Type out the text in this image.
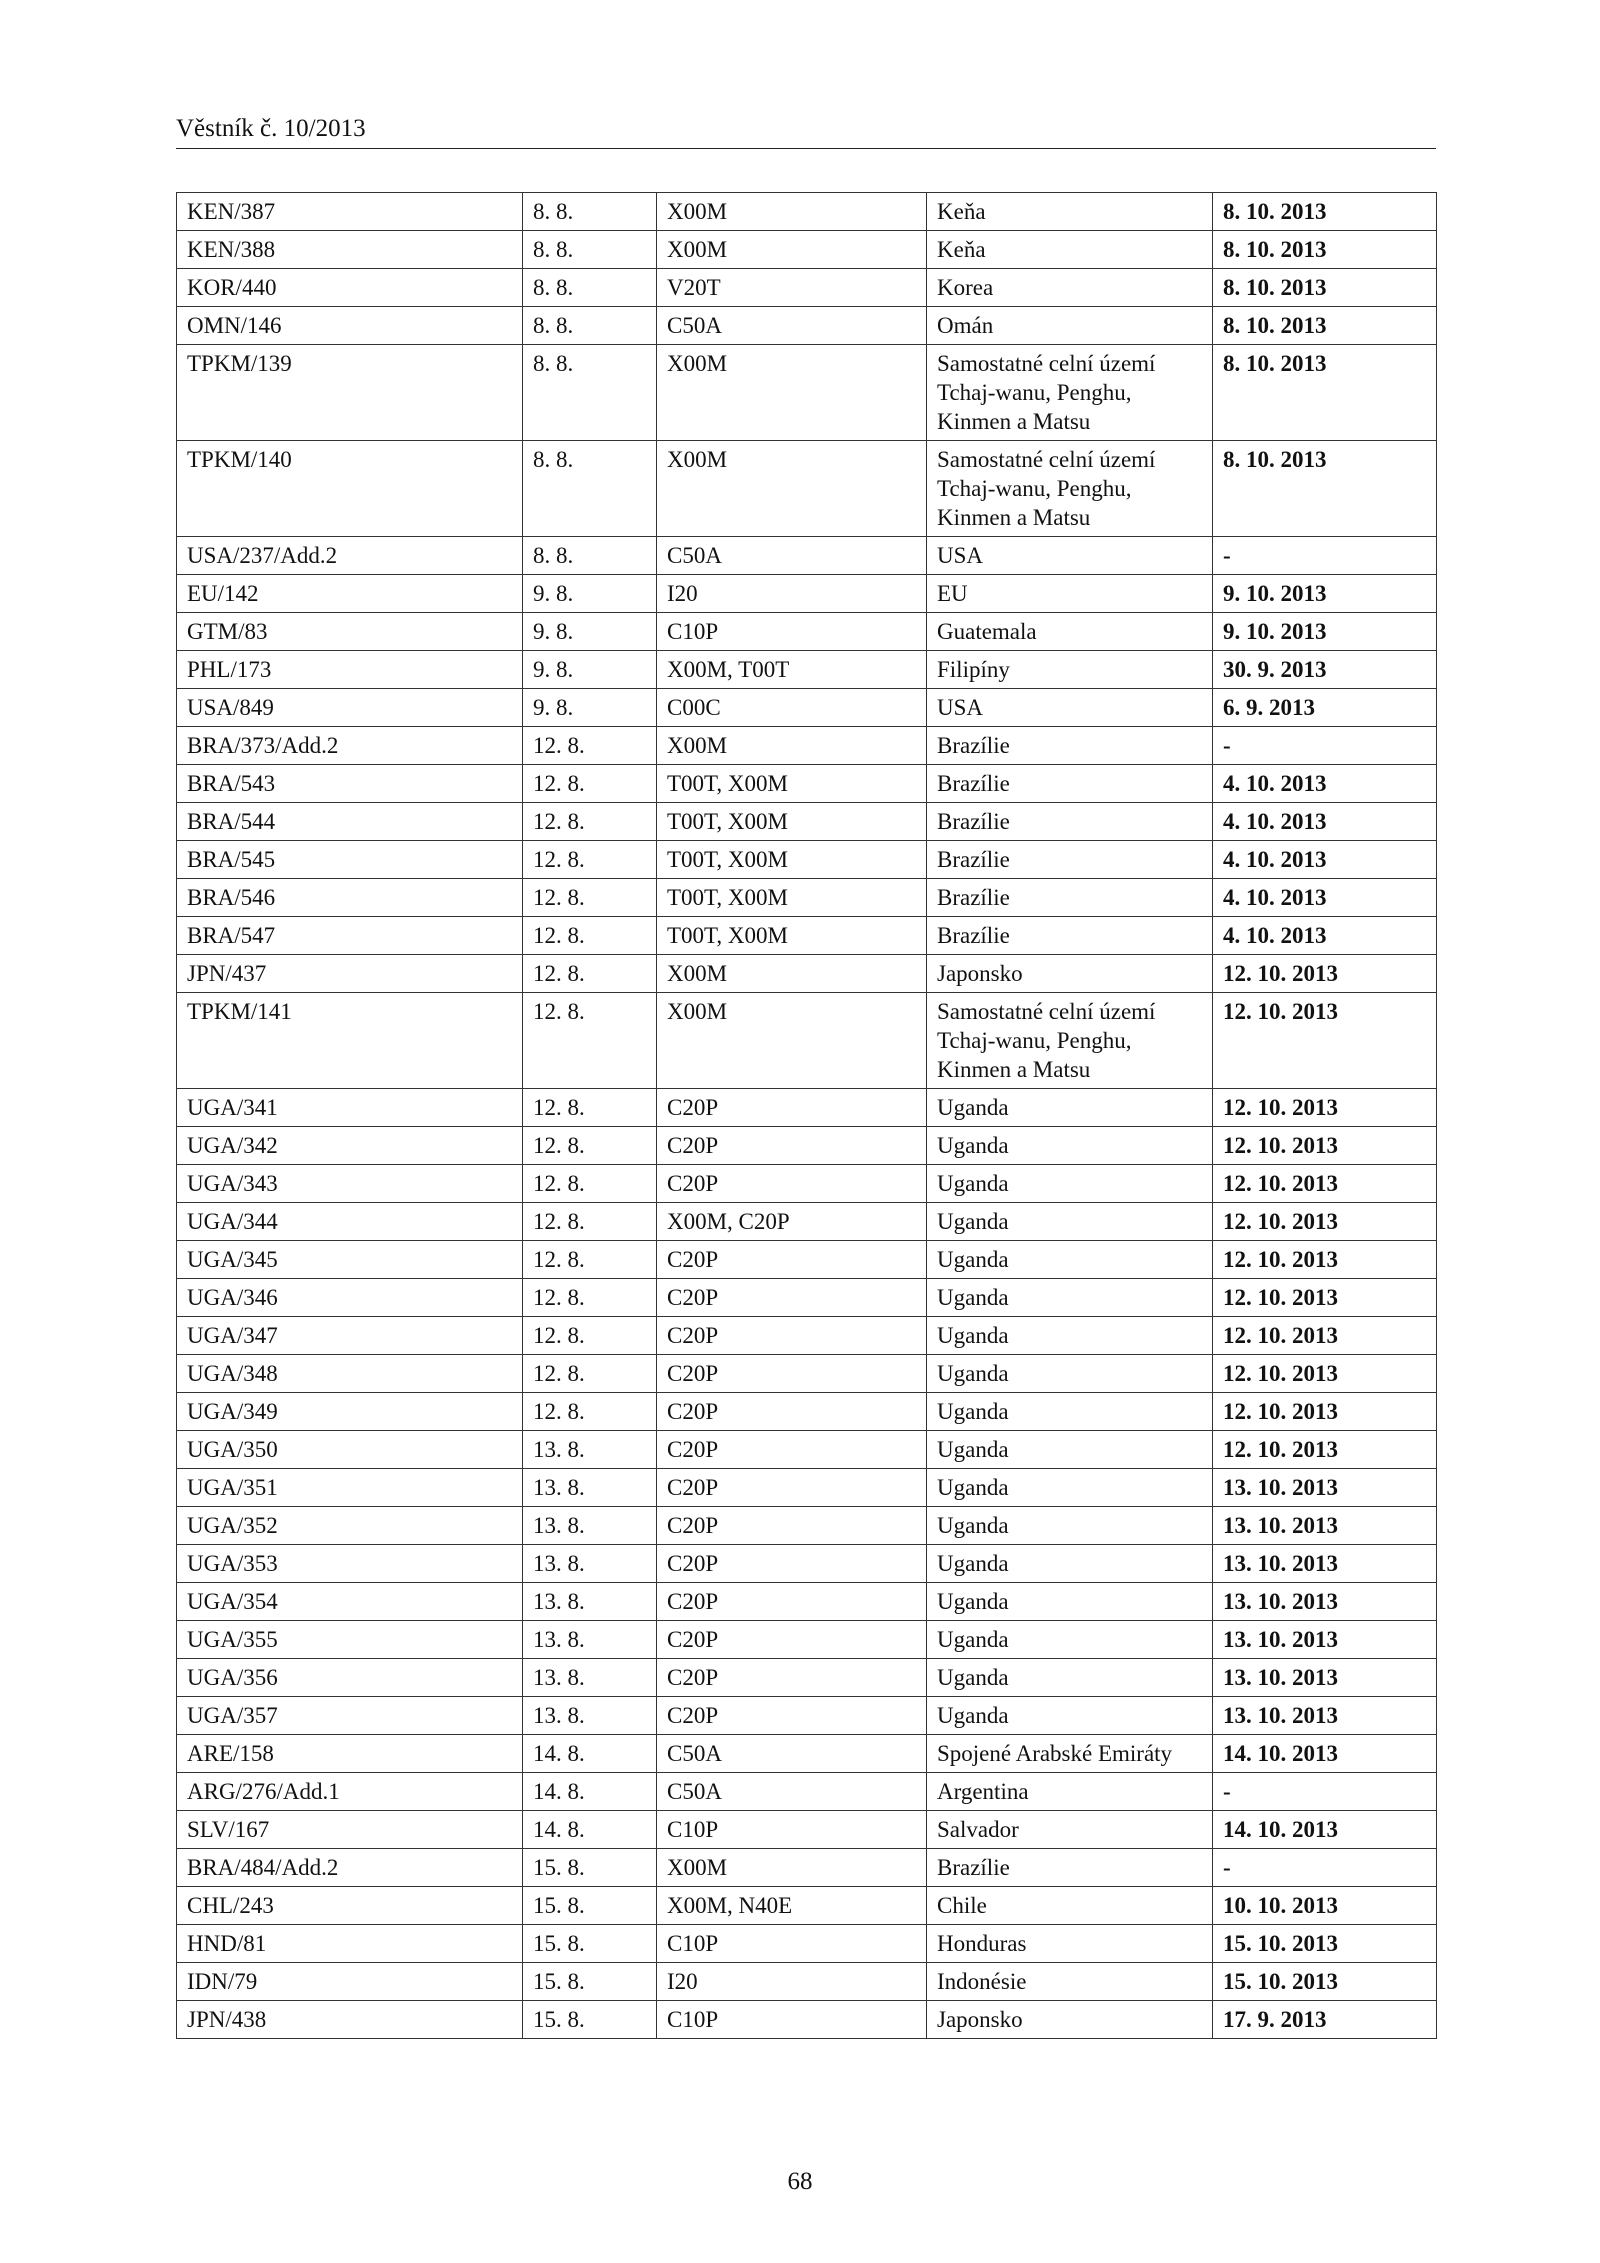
Věstník č. 10/2013
KEN/387	8. 8.	X00M	Keňa	8. 10. 2013
KEN/388	8. 8.	X00M	Keňa	8. 10. 2013
KOR/440	8. 8.	V20T	Korea	8. 10. 2013
OMN/146	8. 8.	C50A	Omán	8. 10. 2013
TPKM/139	8. 8.	X00M	Samostatné celní území Tchaj-wanu, Penghu, Kinmen a Matsu	8. 10. 2013
TPKM/140	8. 8.	X00M	Samostatné celní území Tchaj-wanu, Penghu, Kinmen a Matsu	8. 10. 2013
USA/237/Add.2	8. 8.	C50A	USA	-
EU/142	9. 8.	I20	EU	9. 10. 2013
GTM/83	9. 8.	C10P	Guatemala	9. 10. 2013
PHL/173	9. 8.	X00M, T00T	Filipíny	30. 9. 2013
USA/849	9. 8.	C00C	USA	6. 9. 2013
BRA/373/Add.2	12. 8.	X00M	Brazílie	-
BRA/543	12. 8.	T00T, X00M	Brazílie	4. 10. 2013
BRA/544	12. 8.	T00T, X00M	Brazílie	4. 10. 2013
BRA/545	12. 8.	T00T, X00M	Brazílie	4. 10. 2013
BRA/546	12. 8.	T00T, X00M	Brazílie	4. 10. 2013
BRA/547	12. 8.	T00T, X00M	Brazílie	4. 10. 2013
JPN/437	12. 8.	X00M	Japonsko	12. 10. 2013
TPKM/141	12. 8.	X00M	Samostatné celní území Tchaj-wanu, Penghu, Kinmen a Matsu	12. 10. 2013
UGA/341	12. 8.	C20P	Uganda	12. 10. 2013
UGA/342	12. 8.	C20P	Uganda	12. 10. 2013
UGA/343	12. 8.	C20P	Uganda	12. 10. 2013
UGA/344	12. 8.	X00M, C20P	Uganda	12. 10. 2013
UGA/345	12. 8.	C20P	Uganda	12. 10. 2013
UGA/346	12. 8.	C20P	Uganda	12. 10. 2013
UGA/347	12. 8.	C20P	Uganda	12. 10. 2013
UGA/348	12. 8.	C20P	Uganda	12. 10. 2013
UGA/349	12. 8.	C20P	Uganda	12. 10. 2013
UGA/350	13. 8.	C20P	Uganda	12. 10. 2013
UGA/351	13. 8.	C20P	Uganda	13. 10. 2013
UGA/352	13. 8.	C20P	Uganda	13. 10. 2013
UGA/353	13. 8.	C20P	Uganda	13. 10. 2013
UGA/354	13. 8.	C20P	Uganda	13. 10. 2013
UGA/355	13. 8.	C20P	Uganda	13. 10. 2013
UGA/356	13. 8.	C20P	Uganda	13. 10. 2013
UGA/357	13. 8.	C20P	Uganda	13. 10. 2013
ARE/158	14. 8.	C50A	Spojené Arabské Emiráty	14. 10. 2013
ARG/276/Add.1	14. 8.	C50A	Argentina	-
SLV/167	14. 8.	C10P	Salvador	14. 10. 2013
BRA/484/Add.2	15. 8.	X00M	Brazílie	-
CHL/243	15. 8.	X00M, N40E	Chile	10. 10. 2013
HND/81	15. 8.	C10P	Honduras	15. 10. 2013
IDN/79	15. 8.	I20	Indonésie	15. 10. 2013
JPN/438	15. 8.	C10P	Japonsko	17. 9. 2013
68
